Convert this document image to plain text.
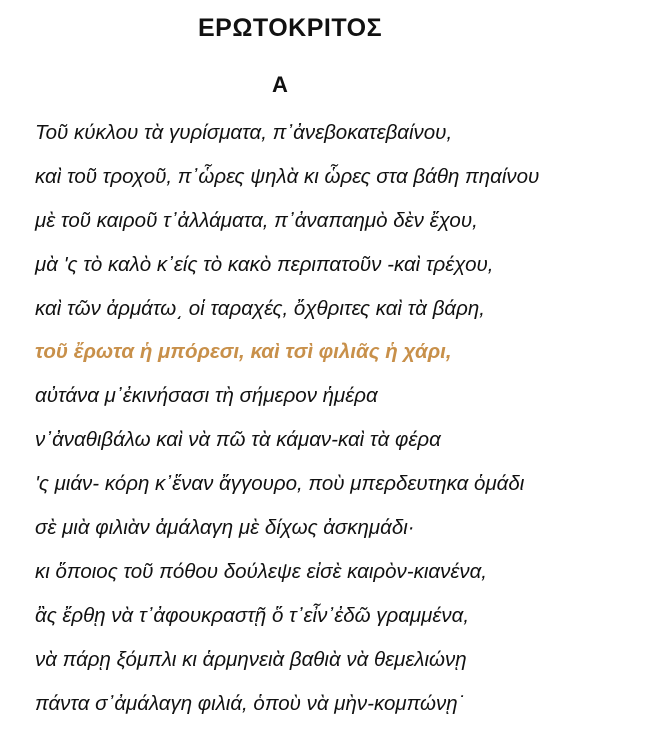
ΕΡΩΤΟΚΡΙΤΟΣ
Α
Τοῦ κύκλου τὰ γυρίσματα, π᾽ἀνεβοκατεβαίνου,
καὶ τοῦ τροχοῦ, π᾽ὧρες ψηλὰ κι ὧρες στα βάθη πηαίνου
μὲ τοῦ καιροῦ τ᾽ἀλλάματα, π᾽ἀναπαημὸ δὲν ἔχου,
μὰ 'ς τὸ καλὸ κ᾽είς τὸ κακὸ περιπατοῦν -καὶ τρέχου,
καὶ τῶν ἀρμάτω͵ οἱ ταραχές, ὄχθριτες καὶ τὰ βάρη,
τοῦ ἔρωτα ἡ μπόρεσι, καὶ τσὶ φιλιᾶς ἡ χάρι,
αὐτάνα μ᾽ἐκινήσασι τὴ σήμερον ἡμέρα
ν᾽ἀναθιβάλω καὶ νὰ πῶ τὰ κάμαν-καὶ τὰ φέρα
'ς μιάν- κόρη κ᾽ἕναν ἄγγουρο, ποὺ μπερδευτηκα ὁμάδι
σὲ μιὰ φιλιὰν ἀμάλαγη μὲ δίχως ἀσκημάδι·
κι ὅποιος τοῦ πόθου δούλεψε εἰσὲ καιρὸν-κιανένα,
ἂς ἔρθῃ νὰ τ᾽ἀφουκραστῇ ὅ τ᾽εἶν᾽ἐδῶ γραμμένα,
νὰ πάρῃ ξόμπλι κι ἁρμηνειὰ βαθιὰ νὰ θεμελιώνῃ
πάντα σ᾽ἀμάλαγη φιλιά, ὁποὺ νὰ μὴν-κομπώνῃ˙
